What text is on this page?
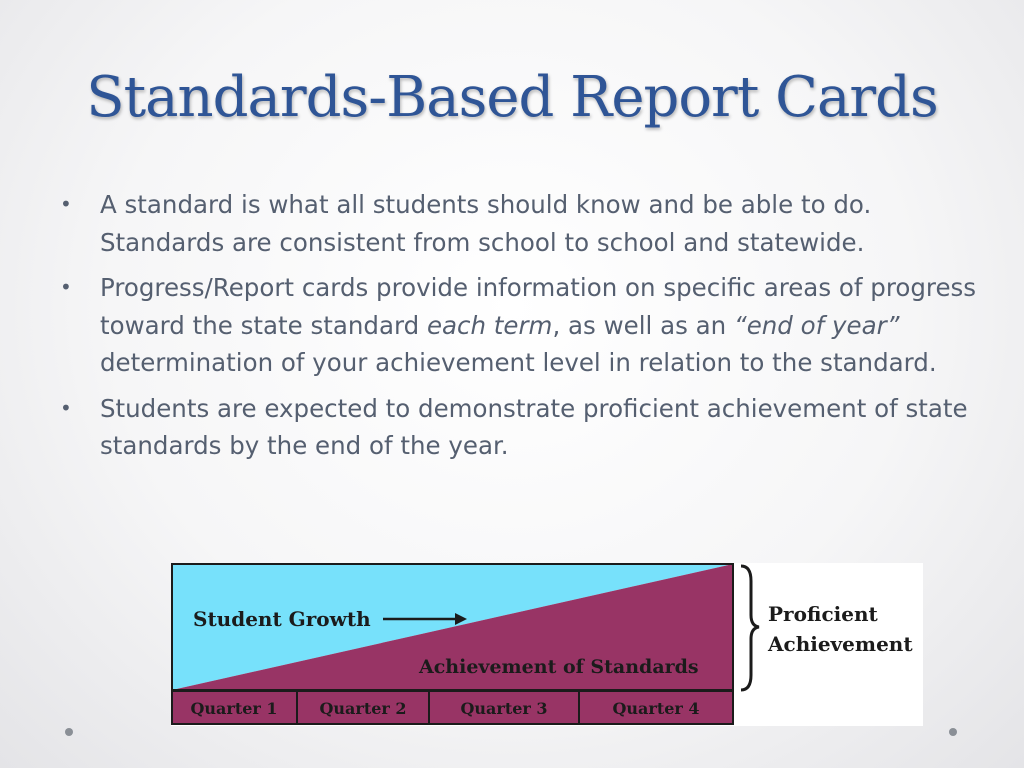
Standards-Based Report Cards
• A standard is what all students should know and be able to do. Standards are consistent from school to school and statewide.
• Progress/Report cards provide information on specific areas of progress toward the state standard each term, as well as an “end of year” determination of your achievement level in relation to the standard.
• Students are expected to demonstrate proficient achievement of state standards by the end of the year.
Student Growth
Achievement of Standards
Quarter 1	Quarter 2	Quarter 3	Quarter 4
Proficient
Achievement
